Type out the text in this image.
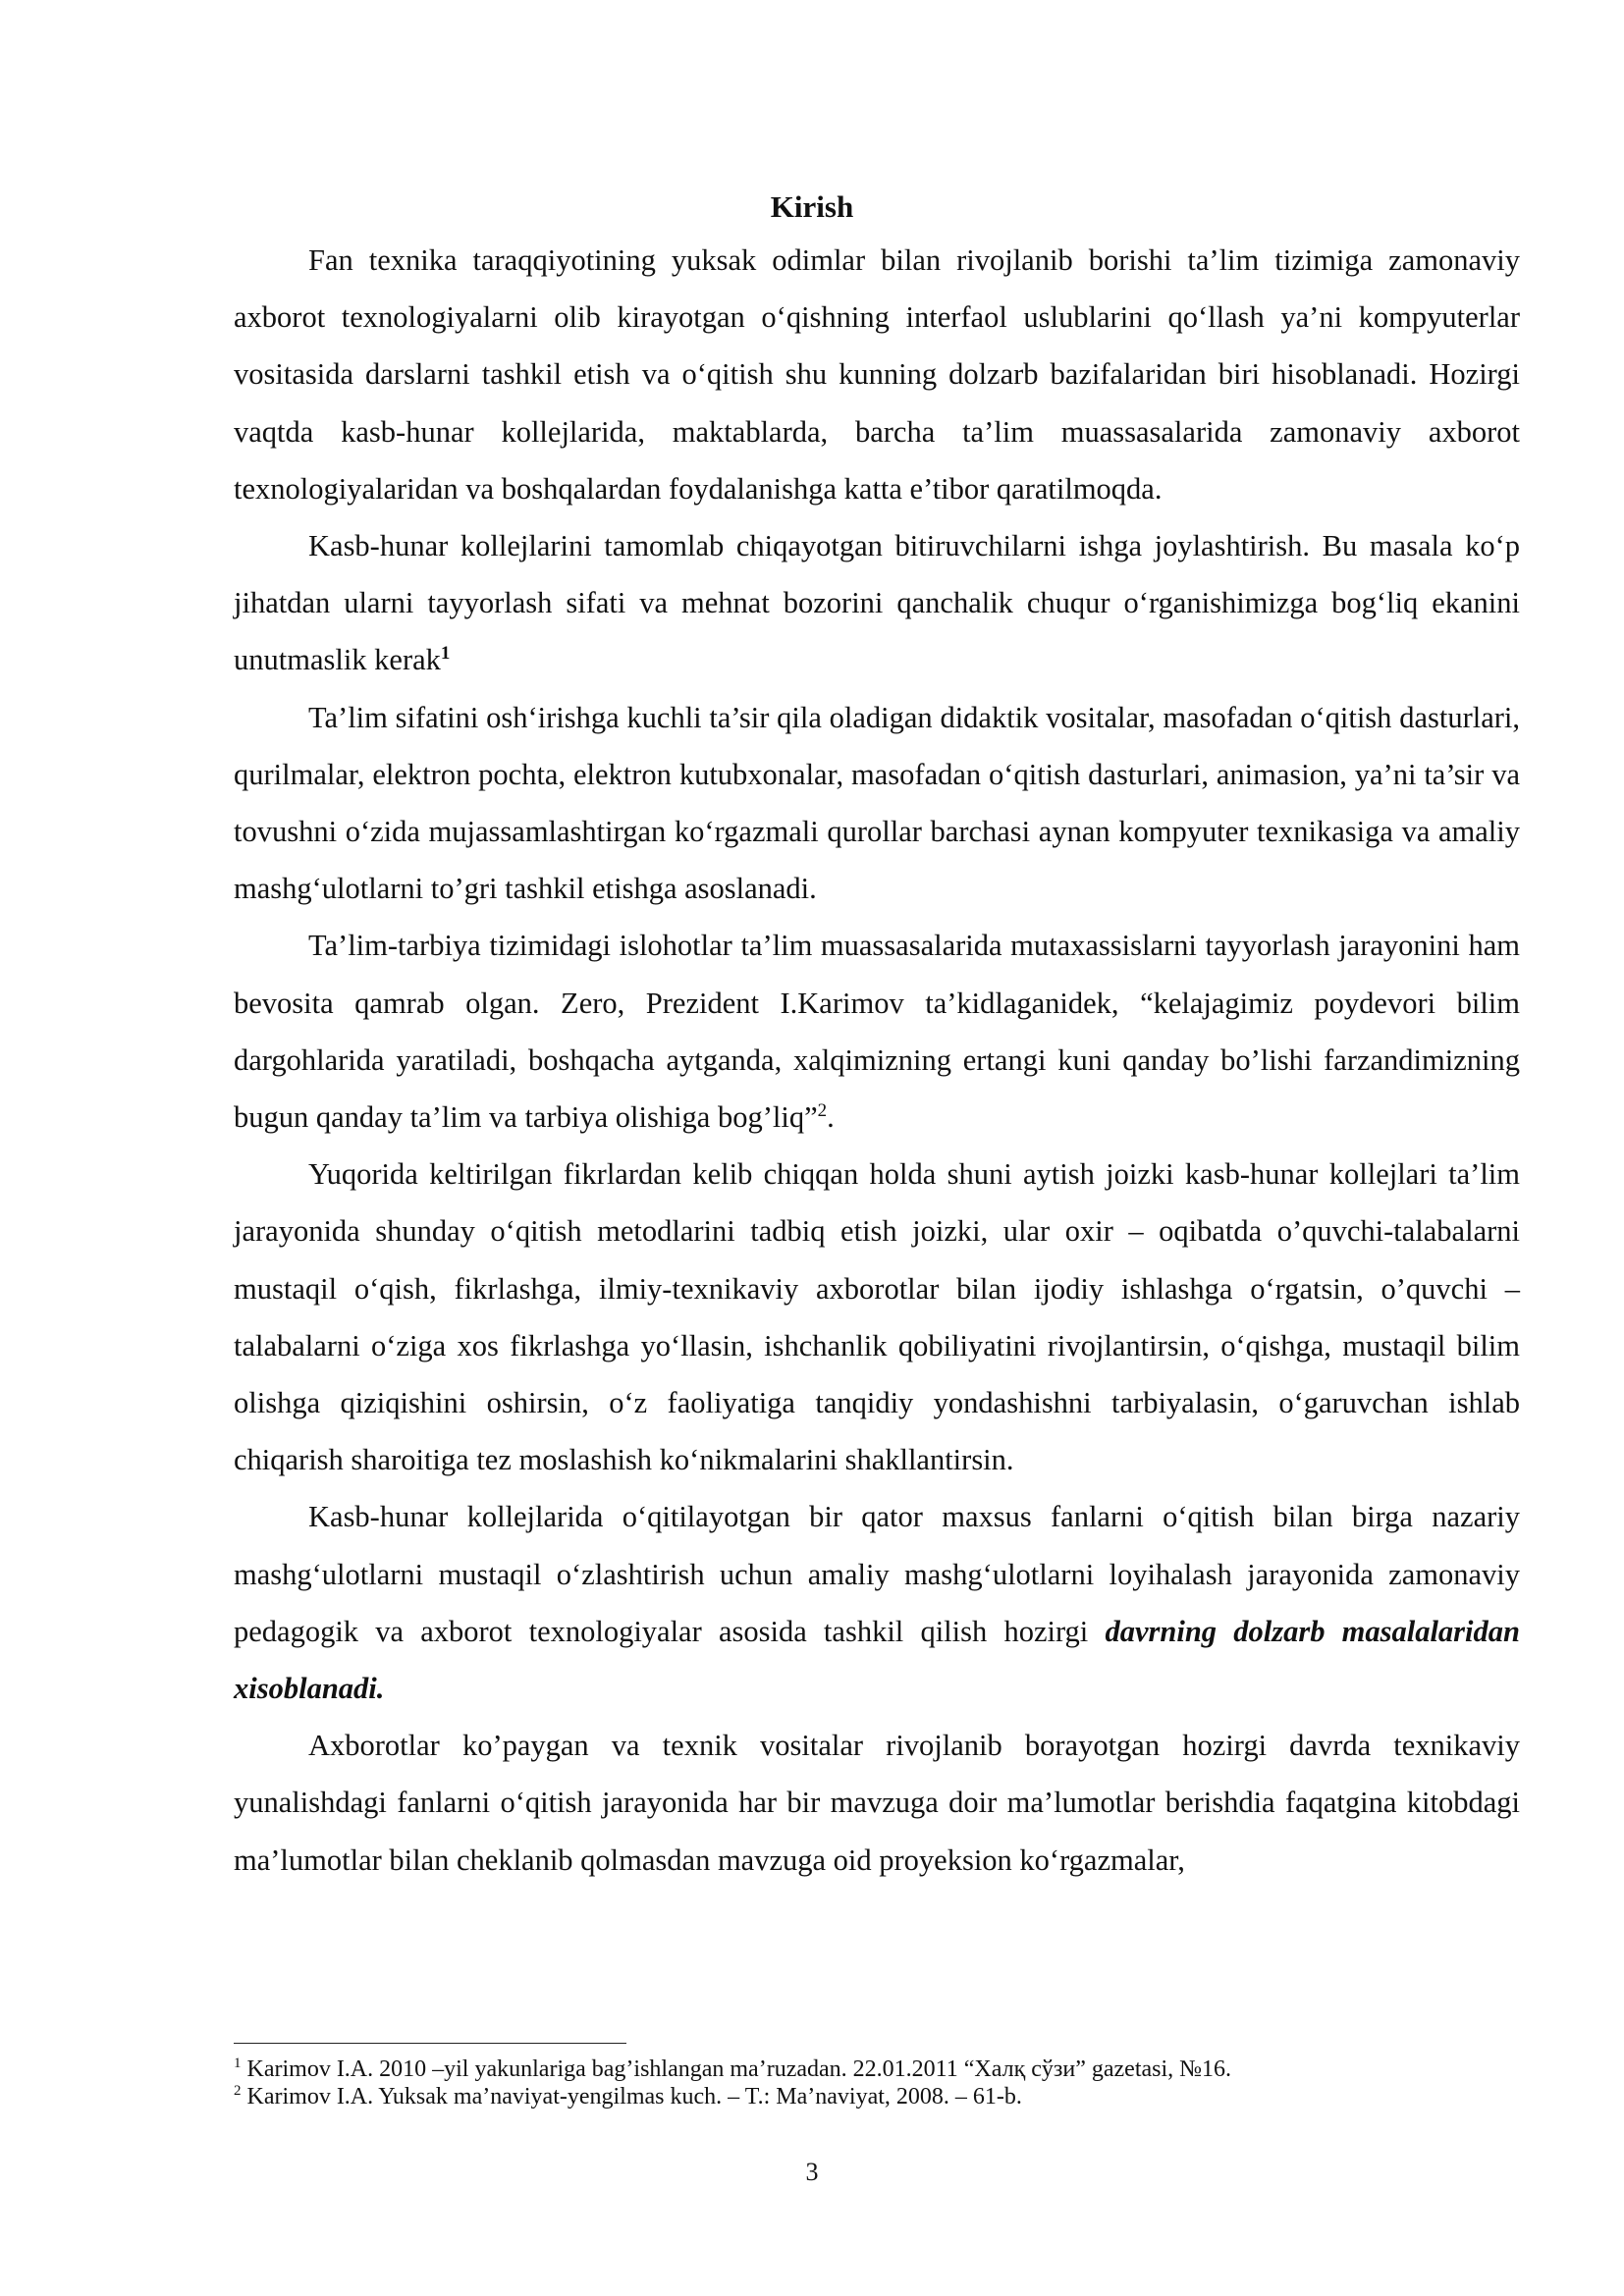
Kirish

Fan texnika taraqqiyotining yuksak odimlar bilan rivojlanib borishi ta’lim tizimiga zamonaviy axborot texnologiyalarni olib kirayotgan o‘qishning interfaol uslublarini qo‘llash ya’ni kompyuterlar vositasida darslarni tashkil etish va o‘qitish shu kunning dolzarb bazifalaridan biri hisoblanadi. Hozirgi vaqtda kasb-hunar kollejlarida, maktablarda, barcha ta’lim muassasalarida zamonaviy axborot texnologiyalaridan va boshqalardan foydalanishga katta e’tibor qaratilmoqda.

Kasb-hunar kollejlarini tamomlab chiqayotgan bitiruvchilarni ishga joylashtirish. Bu masala ko‘p jihatdan ularni tayyorlash sifati va mehnat bozorini qanchalik chuqur o‘rganishimizga bog‘liq ekanini unutmaslik kerak$^1$

Ta’lim sifatini osh‘irishga kuchli ta’sir qila oladigan didaktik vositalar, masofadan o‘qitish dasturlari, qurilmalar, elektron pochta, elektron kutubxonalar, masofadan o‘qitish dasturlari, animasion, ya’ni ta’sir va tovushni o‘zida mujassamlashtirgan ko‘rgazmali qurollar barchasi aynan kompyuter texnikasiga va amaliy mashg‘ulotlarni to’gri tashkil etishga asoslanadi.

Ta’lim-tarbiya tizimidagi islohotlar ta’lim muassasalarida mutaxassislarni tayyorlash jarayonini ham bevosita qamrab olgan. Zero, Prezident I.Karimov ta’kidlaganidek, “kelajagimiz poydevori bilim dargohlarida yaratiladi, boshqacha aytganda, xalqimizning ertangi kuni qanday bo’lishi farzandimizning bugun qanday ta’lim va tarbiya olishiga bog’liq”$^2$.

Yuqorida keltirilgan fikrlardan kelib chiqqan holda shuni aytish joizki kasb-hunar kollejlari ta’lim jarayonida shunday o‘qitish metodlarini tadbiq etish joizki, ular oxir – oqibatda o’quvchi-talabalarni mustaqil o‘qish, fikrlashga, ilmiy-texnikaviy axborotlar bilan ijodiy ishlashga o‘rgatsin, o’quvchi – talabalarni o‘ziga xos fikrlashga yo‘llasin, ishchanlik qobiliyatini rivojlantirsin, o‘qishga, mustaqil bilim olishga qiziqishini oshirsin, o‘z faoliyatiga tanqidiy yondashishni tarbiyalasin, o‘garuvchan ishlab chiqarish sharoitiga tez moslashish ko‘nikmalarini shakllantirsin.

Kasb-hunar kollejlarida o‘qitilayotgan bir qator maxsus fanlarni o‘qitish bilan birga nazariy mashg‘ulotlarni mustaqil o‘zlashtirish uchun amaliy mashg‘ulotlarni loyihalash jarayonida zamonaviy pedagogik va axborot texnologiyalar asosida tashkil qilish hozirgi davrning dolzarb masalalaridan xisoblanadi.

Axborotlar ko’paygan va texnik vositalar rivojlanib borayotgan hozirgi davrda texnikaviy yunalishdagi fanlarni o‘qitish jarayonida har bir mavzuga doir ma’lumotlar berishdia faqatgina kitobdagi ma’lumotlar bilan cheklanib qolmasdan mavzuga oid proyeksion ko‘rgazmalar,

$^1$ Karimov I.A. 2010 –yil yakunlariga bag’ishlangan ma’ruzadan. 22.01.2011 “Халқ сўзи” gazetasi, №16.

$^2$ Karimov I.A. Yuksak ma’naviyat-yengilmas kuch. – T.: Ma’naviyat, 2008. – 61-b.

3
